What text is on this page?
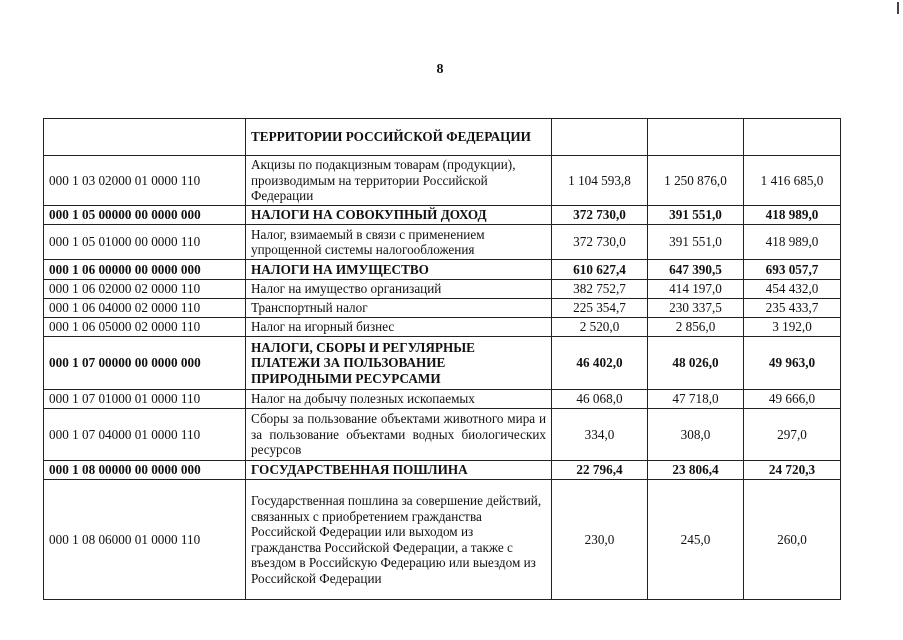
8
	ТЕРРИТОРИИ РОССИЙСКОЙ ФЕДЕРАЦИИ			
000 1 03 02000 01 0000 110	Акцизы по подакцизным товарам (продукции), производимым на территории Российской Федерации	1 104 593,8	1 250 876,0	1 416 685,0
000 1 05 00000 00 0000 000	НАЛОГИ НА СОВОКУПНЫЙ ДОХОД	372 730,0	391 551,0	418 989,0
000 1 05 01000 00 0000 110	Налог, взимаемый в связи с применением упрощенной системы налогообложения	372 730,0	391 551,0	418 989,0
000 1 06 00000 00 0000 000	НАЛОГИ НА ИМУЩЕСТВО	610 627,4	647 390,5	693 057,7
000 1 06 02000 02 0000 110	Налог на имущество организаций	382 752,7	414 197,0	454 432,0
000 1 06 04000 02 0000 110	Транспортный налог	225 354,7	230 337,5	235 433,7
000 1 06 05000 02 0000 110	Налог на игорный бизнес	2 520,0	2 856,0	3 192,0
000 1 07 00000 00 0000 000	НАЛОГИ, СБОРЫ И РЕГУЛЯРНЫЕ ПЛАТЕЖИ ЗА ПОЛЬЗОВАНИЕ ПРИРОДНЫМИ РЕСУРСАМИ	46 402,0	48 026,0	49 963,0
000 1 07 01000 01 0000 110	Налог на добычу полезных ископаемых	46 068,0	47 718,0	49 666,0
000 1 07 04000 01 0000 110	Сборы за пользование объектами животного мира и за пользование объектами водных биологических ресурсов	334,0	308,0	297,0
000 1 08 00000 00 0000 000	ГОСУДАРСТВЕННАЯ ПОШЛИНА	22 796,4	23 806,4	24 720,3
000 1 08 06000 01 0000 110	Государственная пошлина за совершение действий, связанных с приобретением гражданства Российской Федерации или выходом из гражданства Российской Федерации, а также с въездом в Российскую Федерацию или выездом из Российской Федерации	230,0	245,0	260,0
